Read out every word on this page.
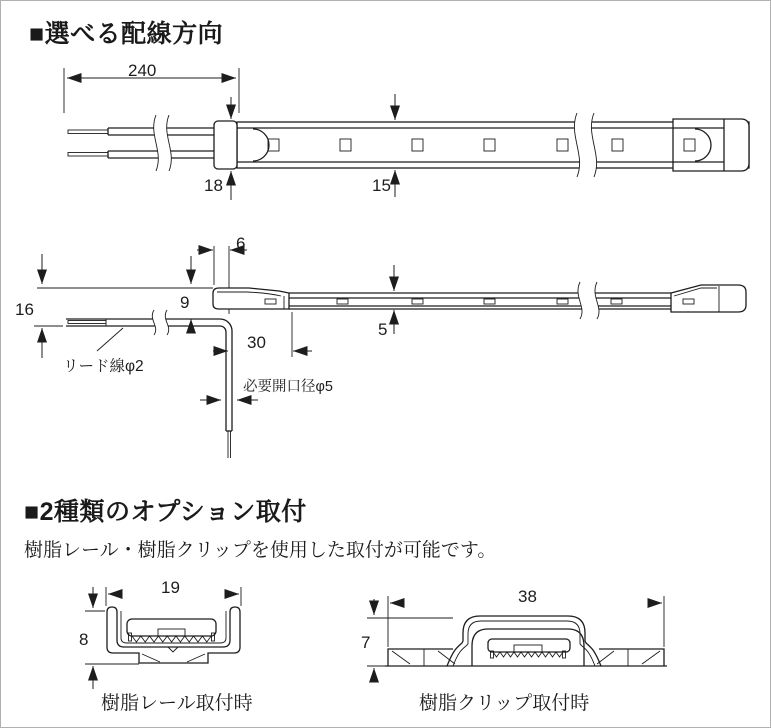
■選べる配線方向
■2種類のオプション取付
樹脂レール・樹脂クリップを使用した取付が可能です。
樹脂レール取付時	樹脂クリップ取付時
240
18	15
6
9
16
30
5
必要開口径φ5
リード線φ2
19
8
38
7
